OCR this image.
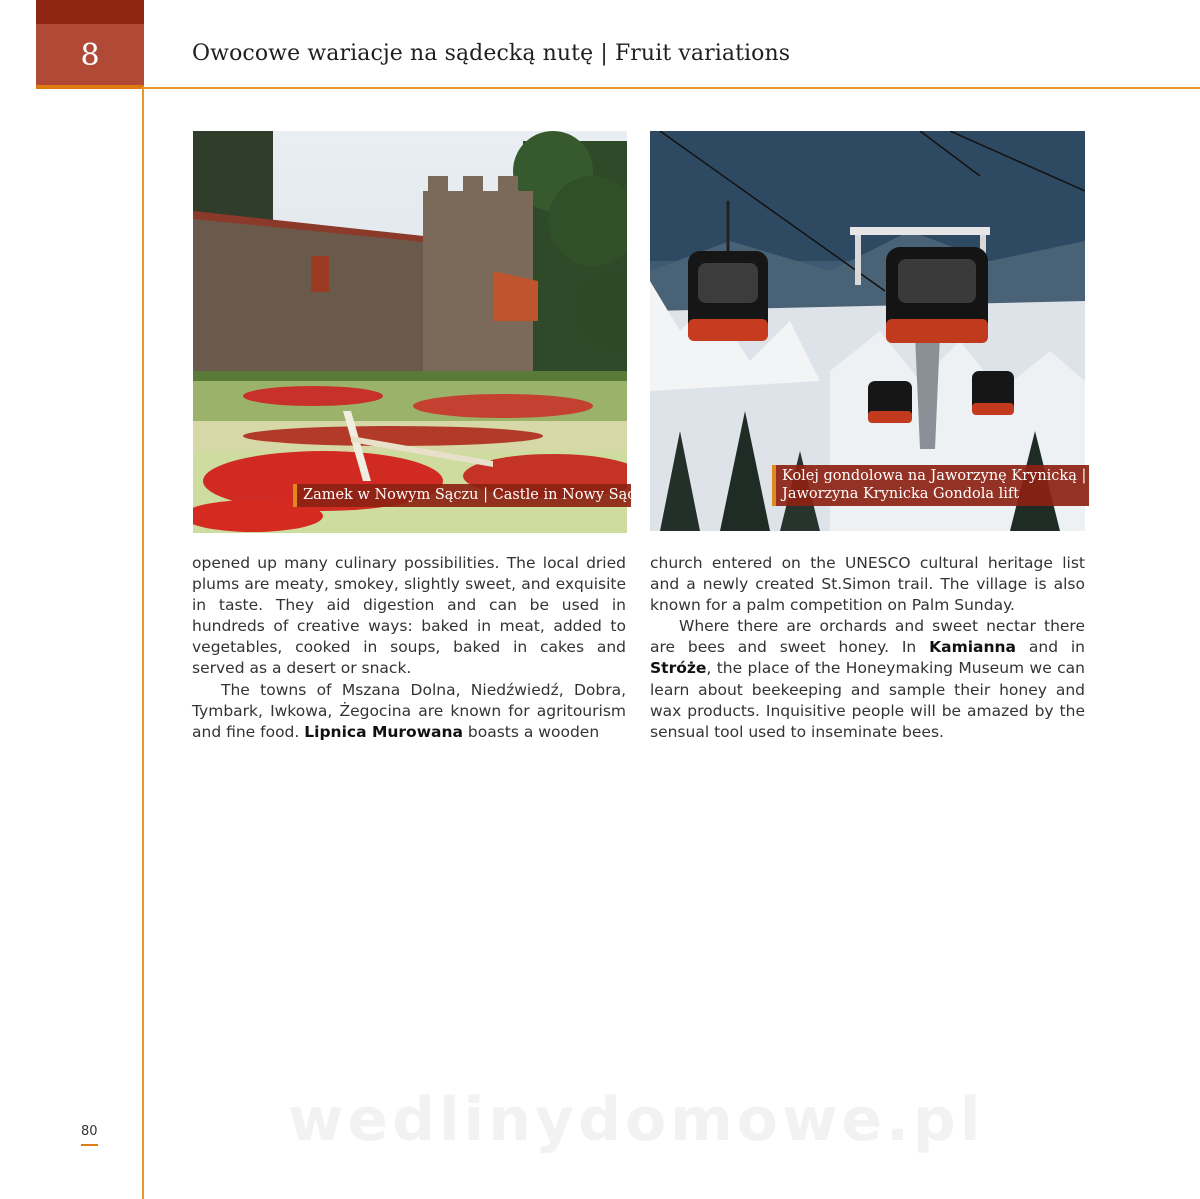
8	Owocowe wariacje na sądecką nutę | Fruit variations
Zamek w Nowym Sączu | Castle in Nowy Sącz
Kolej gondolowa na Jaworzynę Krynicką |
Jaworzyna Krynicka Gondola lift

opened up many culinary possibilities. The local dried plums are meaty, smokey, slightly sweet, and exquisite in taste. They aid digestion and can be used in hundreds of creative ways: baked in meat, added to vegetables, cooked in soups, baked in cakes and served as a desert or snack.

The towns of Mszana Dolna, Niedźwiedź, Dobra, Tymbark, Iwkowa, Żegocina are known for agritourism and fine food. Lipnica Murowana boasts a wooden

church entered on the UNESCO cultural heritage list and a newly created St.Simon trail. The village is also known for a palm competition on Palm Sunday.

Where there are orchards and sweet nectar there are bees and sweet honey. In Kamianna and in Stróże, the place of the Honeymaking Museum we can learn about beekeeping and sample their honey and wax products. Inquisitive people will be amazed by the sensual tool used to inseminate bees.

80	wedlinydomowe.pl
